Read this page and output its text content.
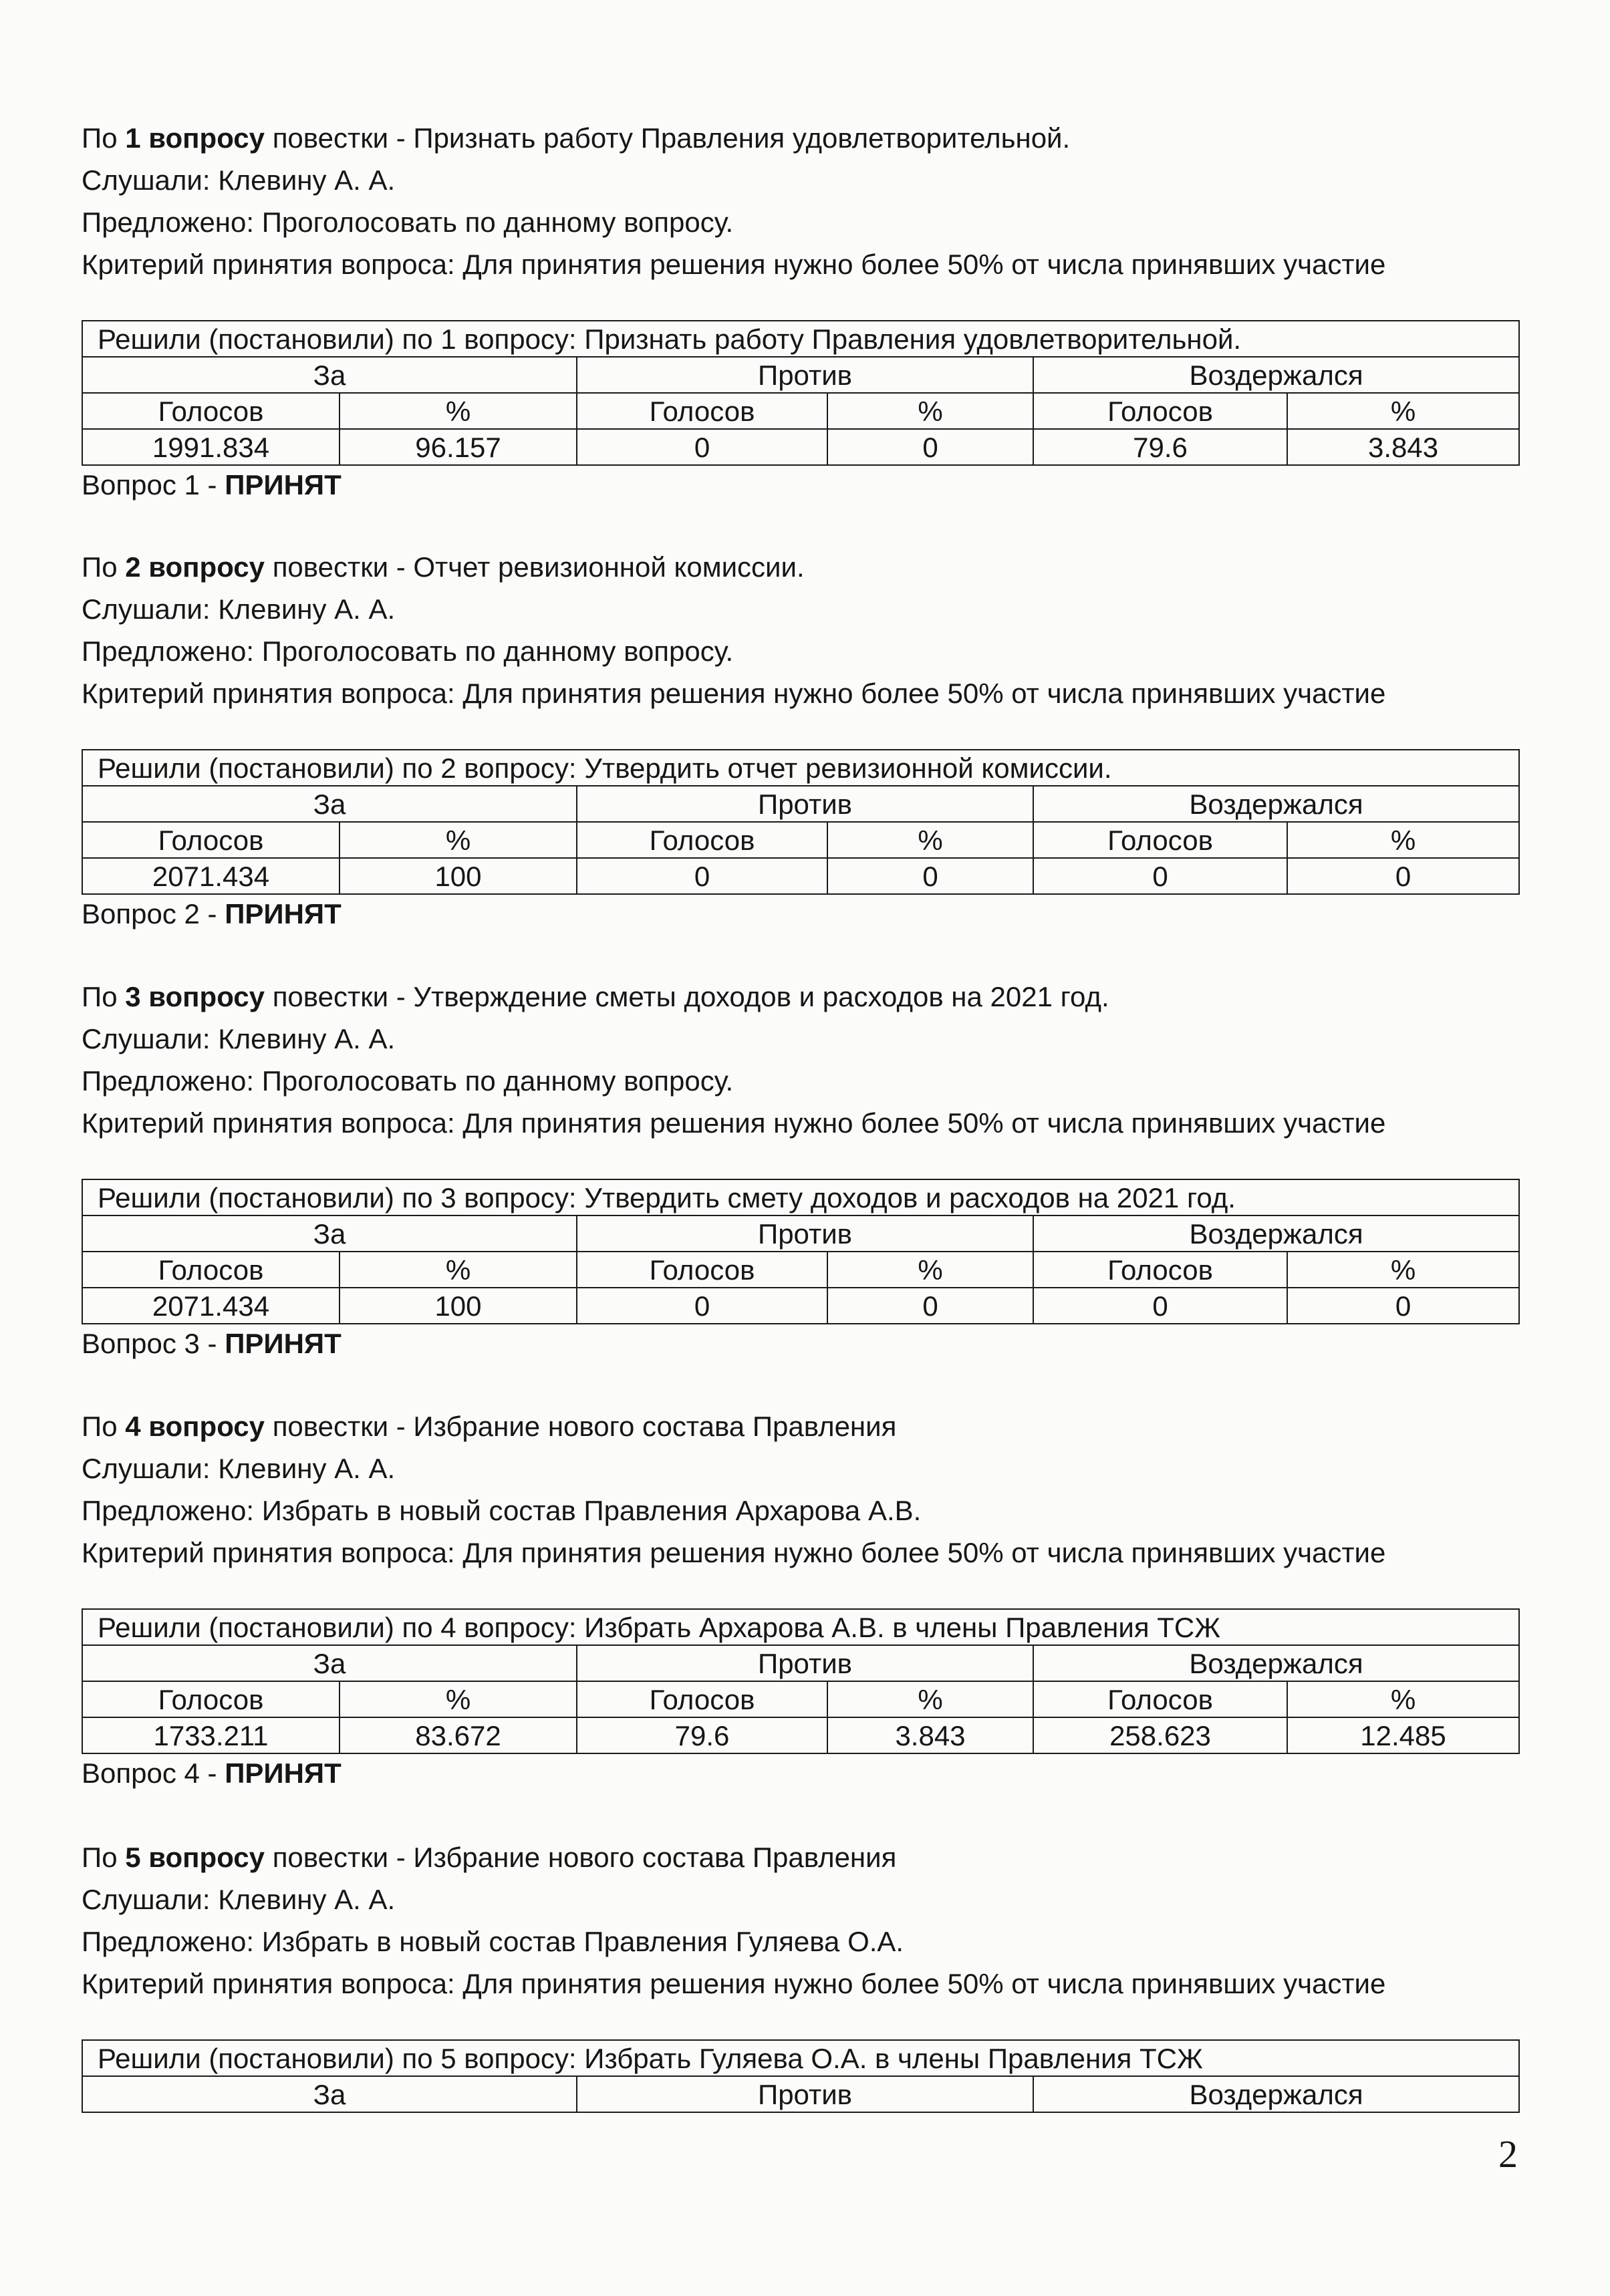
По 1 вопросу повестки - Признать работу Правления удовлетворительной.
Слушали: Клевину А. А.
Предложено: Проголосовать по данному вопросу.
Критерий принятия вопроса: Для принятия решения нужно более 50% от числа принявших участие
Решили (постановили) по 1 вопросу: Признать работу Правления удовлетворительной.					
За		Против		Воздержался	
Голосов	%	Голосов	%	Голосов	%
1991.834	96.157	0	0	79.6	3.843
Вопрос 1 - ПРИНЯТ
По 2 вопросу повестки - Отчет ревизионной комиссии.
Слушали: Клевину А. А.
Предложено: Проголосовать по данному вопросу.
Критерий принятия вопроса: Для принятия решения нужно более 50% от числа принявших участие
Решили (постановили) по 2 вопросу: Утвердить отчет ревизионной комиссии.					
За		Против		Воздержался	
Голосов	%	Голосов	%	Голосов	%
2071.434	100	0	0	0	0
Вопрос 2 - ПРИНЯТ
По 3 вопросу повестки - Утверждение сметы доходов и расходов на 2021 год.
Слушали: Клевину А. А.
Предложено: Проголосовать по данному вопросу.
Критерий принятия вопроса: Для принятия решения нужно более 50% от числа принявших участие
Решили (постановили) по 3 вопросу: Утвердить смету доходов и расходов на 2021 год.					
За		Против		Воздержался	
Голосов	%	Голосов	%	Голосов	%
2071.434	100	0	0	0	0
Вопрос 3 - ПРИНЯТ
По 4 вопросу повестки - Избрание нового состава Правления
Слушали: Клевину А. А.
Предложено: Избрать в новый состав Правления Архарова А.В.
Критерий принятия вопроса: Для принятия решения нужно более 50% от числа принявших участие
Решили (постановили) по 4 вопросу: Избрать Архарова А.В. в члены Правления ТСЖ					
За		Против		Воздержался	
Голосов	%	Голосов	%	Голосов	%
1733.211	83.672	79.6	3.843	258.623	12.485
Вопрос 4 - ПРИНЯТ
По 5 вопросу повестки - Избрание нового состава Правления
Слушали: Клевину А. А.
Предложено: Избрать в новый состав Правления Гуляева О.А.
Критерий принятия вопроса: Для принятия решения нужно более 50% от числа принявших участие
Решили (постановили) по 5 вопросу: Избрать Гуляева О.А. в члены Правления ТСЖ
За	Против	Воздержался
2
